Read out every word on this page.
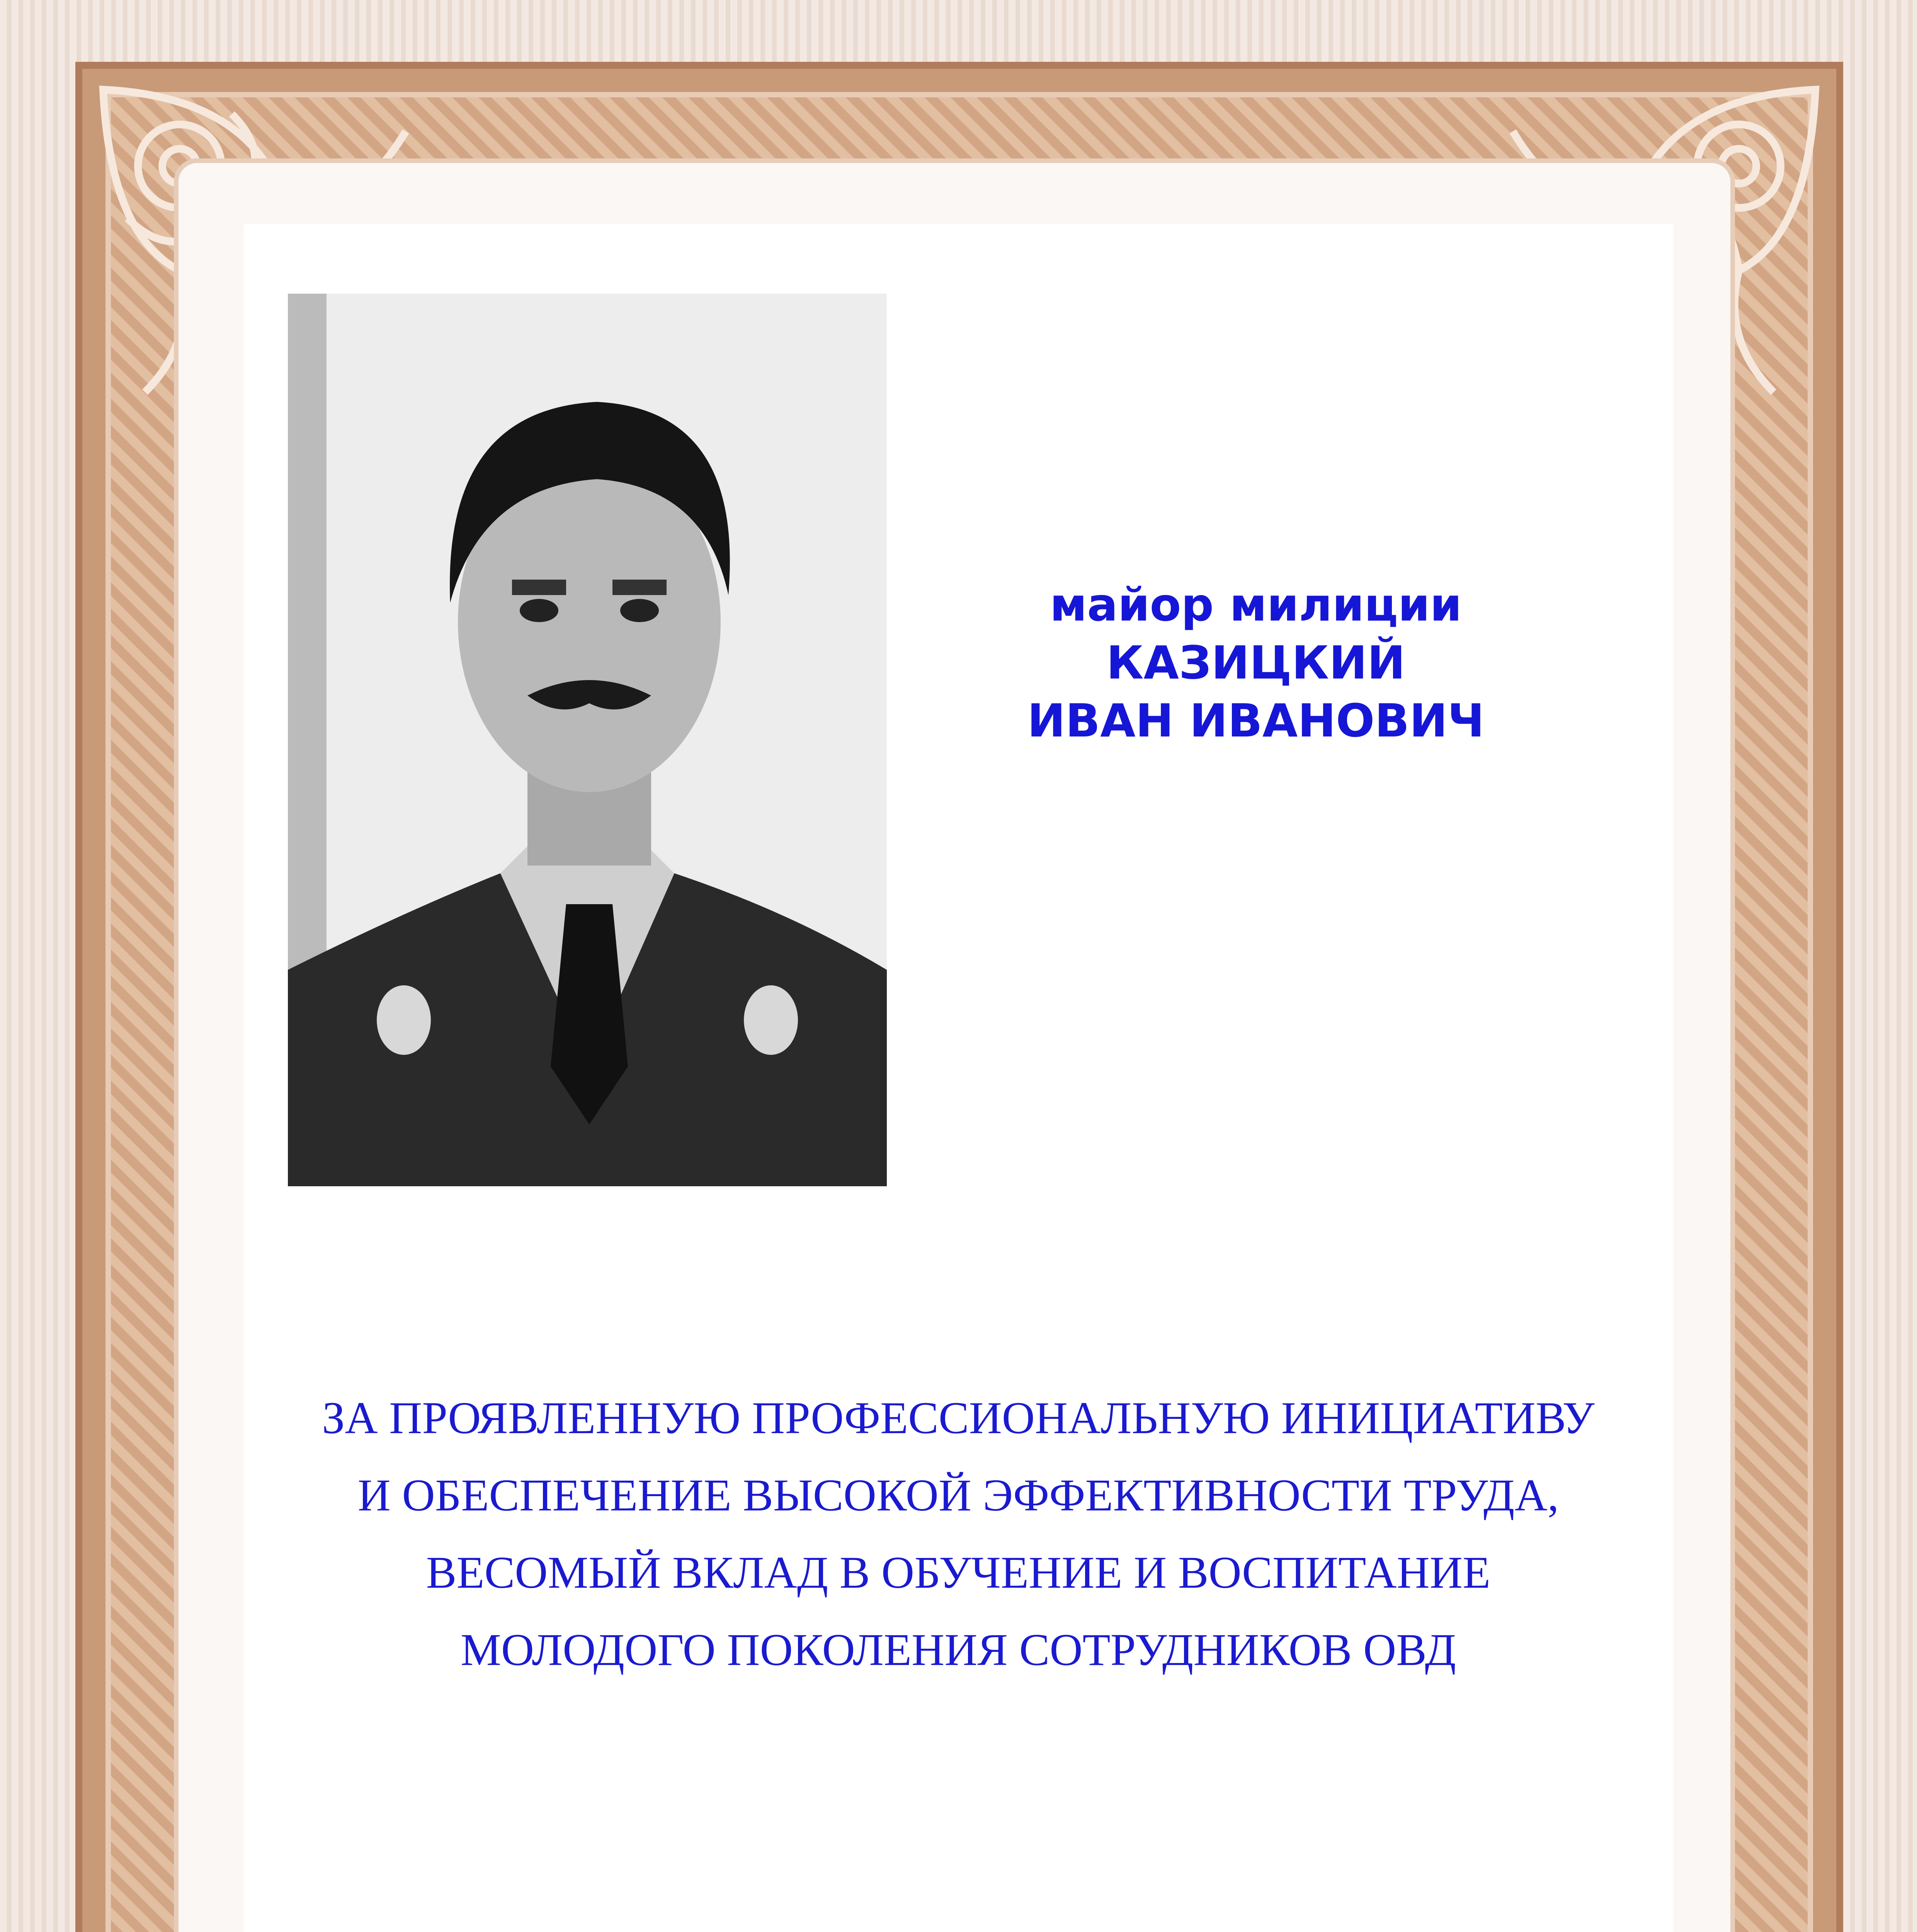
майор милиции
КАЗИЦКИЙ
ИВАН ИВАНОВИЧ
ЗА ПРОЯВЛЕННУЮ ПРОФЕССИОНАЛЬНУЮ ИНИЦИАТИВУ
И ОБЕСПЕЧЕНИЕ ВЫСОКОЙ ЭФФЕКТИВНОСТИ ТРУДА,
ВЕСОМЫЙ ВКЛАД В ОБУЧЕНИЕ И ВОСПИТАНИЕ
МОЛОДОГО ПОКОЛЕНИЯ СОТРУДНИКОВ ОВД
